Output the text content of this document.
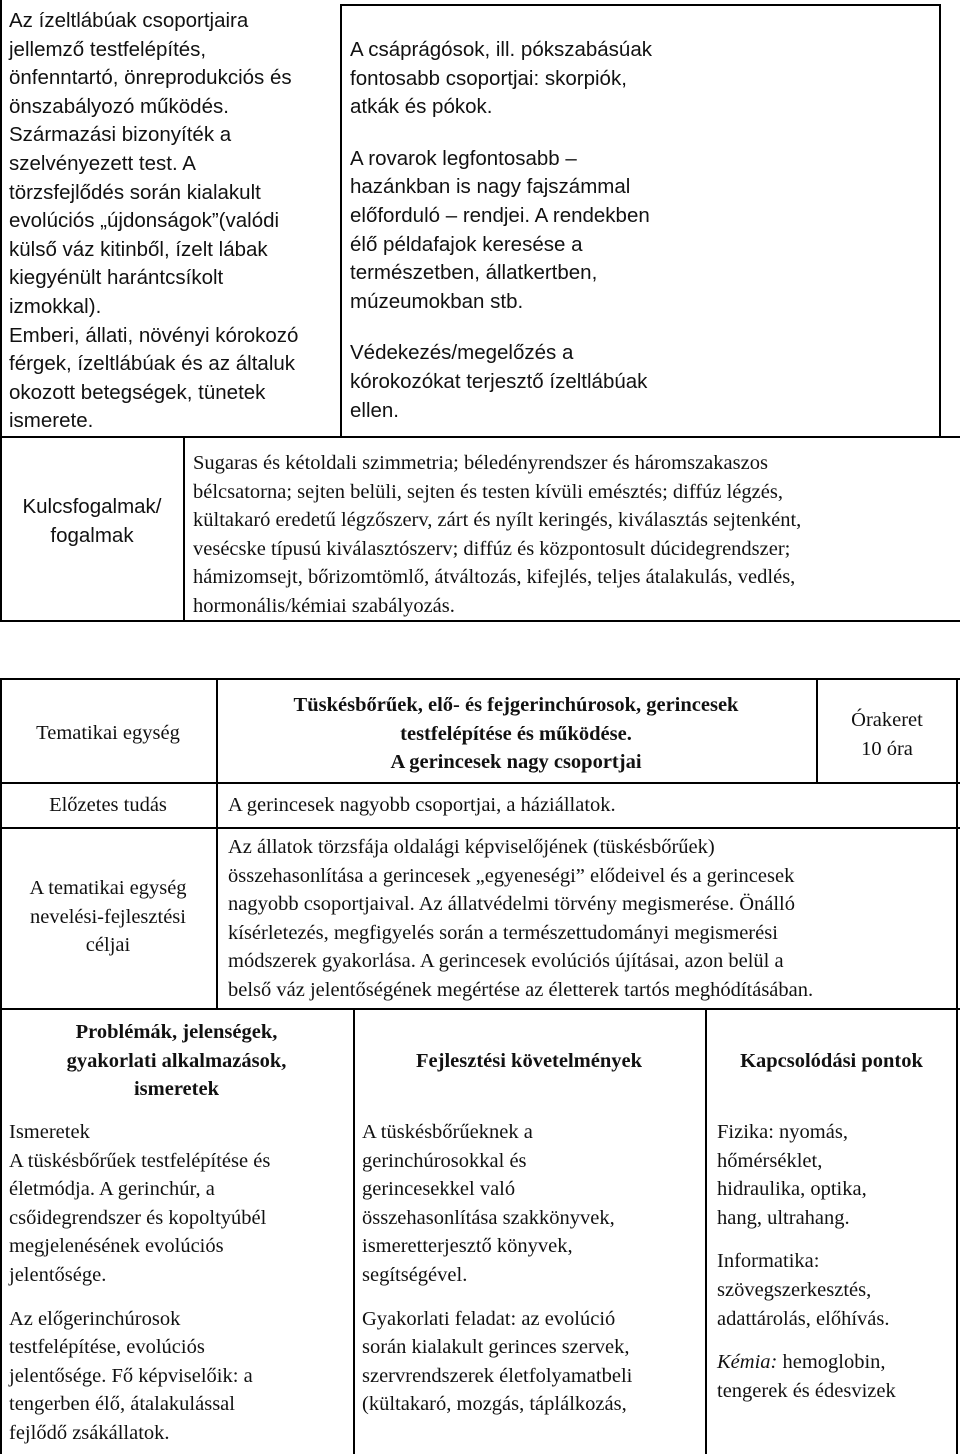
Az ízeltlábúak csoportjaira

jellemző testfelépítés,

önfenntartó, önreprodukciós és

önszabályozó működés.

Származási bizonyíték a

szelvényezett test. A

törzsfejlődés során kialakult

evolúciós „újdonságok”(valódi

külső váz kitinből, ízelt lábak

kiegyénült harántcsíkolt

izmokkal).

Emberi, állati, növényi kórokozó

férgek, ízeltlábúak és az általuk

okozott betegségek, tünetek

ismerete.

A csáprágósok, ill. pókszabásúak

fontosabb csoportjai: skorpiók,

atkák és pókok.

A rovarok legfontosabb –

hazánkban is nagy fajszámmal

előforduló – rendjei. A rendekben

élő példafajok keresése a

természetben, állatkertben,

múzeumokban stb.

Védekezés/megelőzés a

kórokozókat terjesztő ízeltlábúak

ellen.

Kulcsfogalmak/

fogalmak

Sugaras és kétoldali szimmetria; béledényrendszer és háromszakaszos

bélcsatorna; sejten belüli, sejten és testen kívüli emésztés; diffúz légzés,

kültakaró eredetű légzőszerv, zárt és nyílt keringés, kiválasztás sejtenként,

vesécske típusú kiválasztószerv; diffúz és központosult dúcidegrendszer;

hámizomsejt, bőrizomtömlő, átváltozás, kifejlés, teljes átalakulás, vedlés,

hormonális/kémiai szabályozás.

Tematikai egység

Tüskésbőrűek, elő- és fejgerinchúrosok, gerincesek

testfelépítése és működése.

A gerincesek nagy csoportjai

Órakeret

10 óra

Előzetes tudás	A gerincesek nagyobb csoportjai, a háziállatok.

A tematikai egység

nevelési-fejlesztési

céljai

Az állatok törzsfája oldalági képviselőjének (tüskésbőrűek)

összehasonlítása a gerincesek „egyeneségi” elődeivel és a gerincesek

nagyobb csoportjaival. Az állatvédelmi törvény megismerése. Önálló

kísérletezés, megfigyelés során a természettudományi megismerési

módszerek gyakorlása. A gerincesek evolúciós újításai, azon belül a

belső váz jelentőségének megértése az életterek tartós meghódításában.

Problémák, jelenségek,

gyakorlati alkalmazások,

ismeretek

Fejlesztési követelmények	Kapcsolódási pontok

Ismeretek

A tüskésbőrűek testfelépítése és

életmódja. A gerinchúr, a

csőidegrendszer és kopoltyúbél

megjelenésének evolúciós

jelentősége.

Az előgerinchúrosok

testfelépítése, evolúciós

jelentősége. Fő képviselőik: a

tengerben élő, átalakulással

fejlődő zsákállatok.

A tüskésbőrűeknek a

gerinchúrosokkal és

gerincesekkel való

összehasonlítása szakkönyvek,

ismeretterjesztő könyvek,

segítségével.

Gyakorlati feladat: az evolúció

során kialakult gerinces szervek,

szervrendszerek életfolyamatbeli

(kültakaró, mozgás, táplálkozás,

Fizika: nyomás,

hőmérséklet,

hidraulika, optika,

hang, ultrahang.

Informatika:

szövegszerkesztés,

adattárolás, előhívás.

Kémia: hemoglobin,

tengerek és édesvizek
